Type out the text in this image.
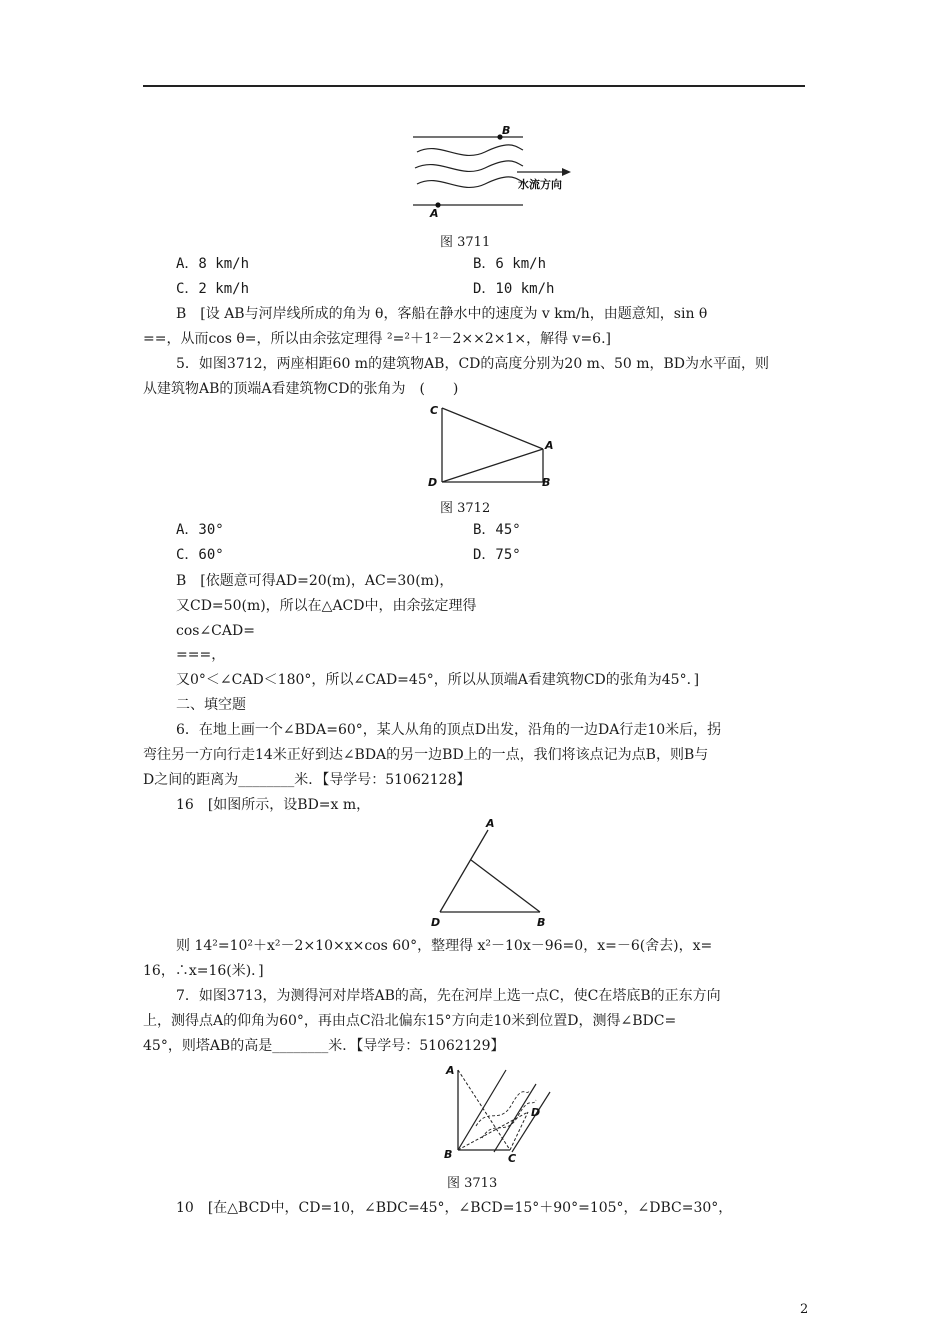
B
A
水流方向
图 3711
A．8 km/h	B．6 km/h
C．2 km/h	D．10 km/h
B　[设 AB与河岸线所成的角为 θ，客船在静水中的速度为 v km/h，由题意知，sin θ
==，从而cos θ=，所以由余弦定理得 ²=²＋1²－2××2×1×，解得 v=6.]
5．如图3712，两座相距60 m的建筑物AB，CD的高度分别为20 m、50 m，BD为水平面，则
从建筑物AB的顶端A看建筑物CD的张角为　(　　)
C
A
D	B
图 3712
A．30°	B．45°
C．60°	D．75°
B　[依题意可得AD=20(m)，AC=30(m)，
又CD=50(m)，所以在△ACD中，由余弦定理得
cos∠CAD=
===，
又0°＜∠CAD＜180°，所以∠CAD=45°，所以从顶端A看建筑物CD的张角为45°．]
二、填空题
6．在地上画一个∠BDA=60°，某人从角的顶点D出发，沿角的一边DA行走10米后，拐
弯往另一方向行走14米正好到达∠BDA的另一边BD上的一点，我们将该点记为点B，则B与
D之间的距离为________米．【导学号：51062128】
16　[如图所示，设BD=x m，
A
D	B
则 14²=10²＋x²－2×10×x×cos 60°，整理得 x²－10x－96=0，x=－6(舍去)，x=
16，∴x=16(米)．]
7．如图3713，为测得河对岸塔AB的高，先在河岸上选一点C，使C在塔底B的正东方向
上，测得点A的仰角为60°，再由点C沿北偏东15°方向走10米到位置D，测得∠BDC=
45°，则塔AB的高是________米．【导学号：51062129】
A
D
B	C
图 3713
10　[在△BCD中，CD=10，∠BDC=45°，∠BCD=15°＋90°=105°，∠DBC=30°，
2
